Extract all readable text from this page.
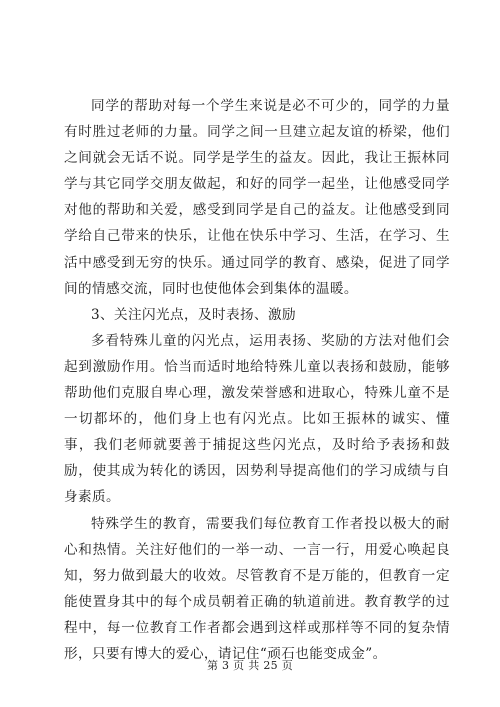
同学的帮助对每一个学生来说是必不可少的，同学的力量有时胜过老师的力量。同学之间一旦建立起友谊的桥梁，他们之间就会无话不说。同学是学生的益友。因此，我让王振林同学与其它同学交朋友做起，和好的同学一起坐，让他感受同学对他的帮助和关爱，感受到同学是自己的益友。让他感受到同学给自己带来的快乐，让他在快乐中学习、生活，在学习、生活中感受到无穷的快乐。通过同学的教育、感染，促进了同学间的情感交流，同时也使他体会到集体的温暖。

3、关注闪光点，及时表扬、激励

多看特殊儿童的闪光点，运用表扬、奖励的方法对他们会起到激励作用。恰当而适时地给特殊儿童以表扬和鼓励，能够帮助他们克服自卑心理，激发荣誉感和进取心，特殊儿童不是一切都坏的，他们身上也有闪光点。比如王振林的诚实、懂事，我们老师就要善于捕捉这些闪光点，及时给予表扬和鼓励，使其成为转化的诱因，因势利导提高他们的学习成绩与自身素质。

特殊学生的教育，需要我们每位教育工作者投以极大的耐心和热情。关注好他们的一举一动、一言一行，用爱心唤起良知，努力做到最大的收效。尽管教育不是万能的，但教育一定能使置身其中的每个成员朝着正确的轨道前进。教育教学的过程中，每一位教育工作者都会遇到这样或那样等不同的复杂情形，只要有博大的爱心，请记住“顽石也能变成金”。

第 3 页 共 25 页
